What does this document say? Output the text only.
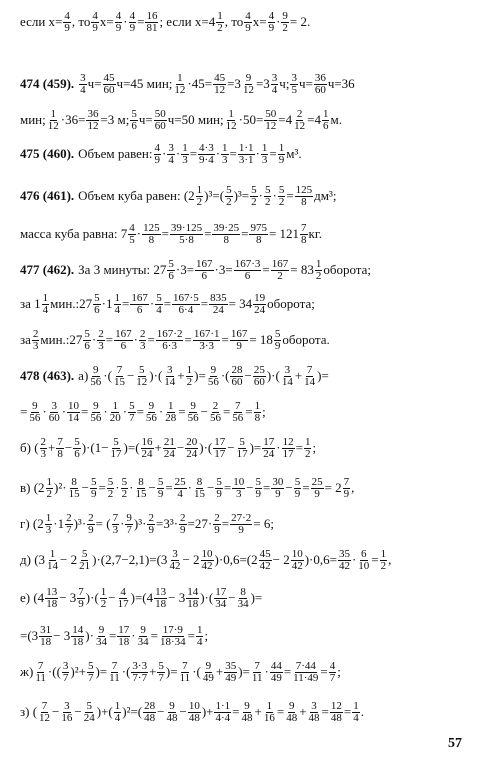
если $x= \frac{4}{9}$ , то $\frac{4}{9} x= \frac{4}{9} \cdot \frac{4}{9} = \frac{16}{81}$ ; если $x=4 \frac{1}{2}$ , то $\frac{4}{9} x= \frac{4}{9} \cdot \frac{9}{2} = 2$.
474 (459). $\frac{3}{4} ч= \frac{45}{60} ч=45$ мин; $\frac{1}{12} \cdot 45= \frac{45}{12} =3 \frac{9}{12} =3 \frac{3}{4} ч$; $\frac{3}{5} ч= \frac{36}{60} ч=36$
мин; $\frac{1}{12} \cdot 36= \frac{36}{12} =3$ м; $\frac{5}{6} ч= \frac{50}{60} ч=50$ мин; $\frac{1}{12} \cdot 50= \frac{50}{12} =4 \frac{2}{12} =4 \frac{1}{6} м$.
475 (460). Объем равен: $\frac{4}{9} \cdot \frac{3}{4} \cdot \frac{1}{3} = \frac{4\cdot 3}{9\cdot 4} \cdot \frac{1}{3} = \frac{1\cdot 1}{3\cdot 1} \cdot \frac{1}{3} = \frac{1}{9} м^3$.
476 (461). Объем куба равен: $(2 \frac{1}{2} )^3=( \frac{5}{2} )^3= \frac{5}{2} \cdot \frac{5}{2} \cdot \frac{5}{2} = \frac{125}{8} дм^3$;
масса куба равна: $7 \frac{4}{5} \cdot \frac{125}{8} = \frac{39\cdot 125}{5\cdot 8} = \frac{39\cdot 25}{8} = \frac{975}{8} = 121 \frac{7}{8}$ кг.
477 (462). За 3 минуты: $27 \frac{5}{6} \cdot 3= \frac{167}{6} \cdot 3= \frac{167\cdot 3}{6} = \frac{167}{2} = 83 \frac{1}{2}$ оборота;
за $1 \frac{1}{4}$ мин.:27 $\frac{5}{6} \cdot 1 \frac{1}{4} = \frac{167}{6} \cdot \frac{5}{4} = \frac{167\cdot 5}{6\cdot 4} = \frac{835}{24} = 34 \frac{19}{24}$ оборота;
за $\frac{2}{3}$ мин.:27 $\frac{5}{6} \cdot \frac{2}{3} = \frac{167}{6} \cdot \frac{2}{3} = \frac{167\cdot 2}{6\cdot 3} = \frac{167\cdot 1}{3\cdot 3} = \frac{167}{9} = 18 \frac{5}{9}$ оборота.
478 (463). $а) \frac{9}{56}$ ·( $\frac{7}{15} - \frac{5}{12}$ )·( $\frac{3}{14} + \frac{1}{2}$ )= $\frac{9}{56}$ ·( $\frac{28}{60} - \frac{25}{60}$ )·( $\frac{3}{14} + \frac{7}{14}$ )=
= $\frac{9}{56} \cdot \frac{3}{60} \cdot \frac{10}{14} = \frac{9}{56} \cdot \frac{1}{20} \cdot \frac{5}{7} = \frac{9}{56} \cdot \frac{1}{28} = \frac{9}{56} - \frac{2}{56} = \frac{7}{56} = \frac{1}{8}$ ;
б) ( $\frac{2}{3} + \frac{7}{8} - \frac{5}{6} )\cdot(1- \frac{5}{17}$ )=( $\frac{16}{24} + \frac{21}{24} - \frac{20}{24}$ )·( $\frac{17}{17} - \frac{5}{17}$ )= $\frac{17}{24} \cdot \frac{12}{17} = \frac{1}{2}$ ;
в) $(2 \frac{1}{2} )^2\cdot \frac{8}{15} - \frac{5}{9} = \frac{5}{2} \cdot \frac{5}{2} \cdot \frac{8}{15} - \frac{5}{9} = \frac{25}{4} \cdot \frac{8}{15} - \frac{5}{9} = \frac{10}{3} - \frac{5}{9} = \frac{30}{9} - \frac{5}{9} = \frac{25}{9} = 2 \frac{7}{9}$ ,
г) $(2 \frac{1}{3} \cdot 1 \frac{2}{7} )^3\cdot \frac{2}{9}$ = ( $\frac{7}{3} \cdot \frac{9}{7} )^3\cdot \frac{2}{9} =3^3\cdot \frac{2}{9} =27\cdot \frac{2}{9} = \frac{27\cdot 2}{9} = 6$;
д) $(3 \frac{1}{14} - 2 \frac{5}{21} )\cdot(2,7-2,1)=(3 \frac{3}{42} - 2 \frac{10}{42} )\cdot 0,6=(2 \frac{45}{42} - 2 \frac{10}{42} )\cdot 0,6= \frac{35}{42} \cdot \frac{6}{10} = \frac{1}{2}$ ,
е) ($4 \frac{13}{18} - 3 \frac{7}{9}$ )·( $\frac{1}{2} - \frac{4}{17} )=(4 \frac{13}{18} - 3 \frac{14}{18}$ )·( $\frac{17}{34} - \frac{8}{34}$ )=
$=(3 \frac{31}{18} - 3 \frac{14}{18}$ )· $\frac{9}{34} = \frac{17}{18} \cdot \frac{9}{34} = \frac{17\cdot 9}{18\cdot 34} = \frac{1}{4}$ ;
$ж) \frac{7}{11}$ ·(( $\frac{3}{7} )^2+ \frac{5}{7}$ )= $\frac{7}{11}$ ·( $\frac{3\cdot 3}{7\cdot 7} + \frac{5}{7}$ )= $\frac{7}{11}$ ·( $\frac{9}{49} + \frac{35}{49}$ )= $\frac{7}{11} \cdot \frac{44}{49} = \frac{7\cdot 44}{11\cdot 49} = \frac{4}{7}$ ;
з) ( $\frac{7}{12} - \frac{3}{16} - \frac{5}{24}$ )+( $\frac{1}{4} )^2=( \frac{28}{48} - \frac{9}{48} - \frac{10}{48}$ )+ $\frac{1\cdot 1}{4\cdot 4} = \frac{9}{48} + \frac{1}{16} = \frac{9}{48} + \frac{3}{48} = \frac{12}{48} = \frac{1}{4}$ .
57
